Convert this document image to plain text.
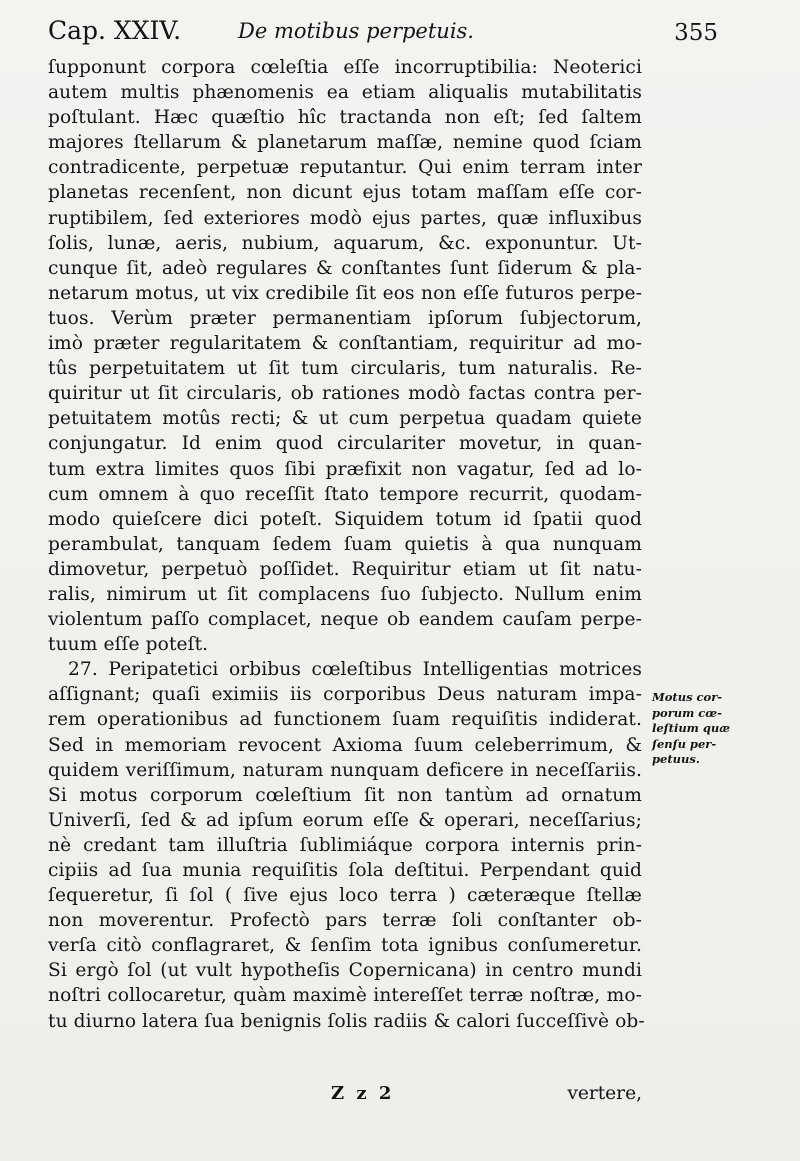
Cap. XXIV.	De motibus perpetuis.	355
ſupponunt corpora cœleſtia eſſe incorruptibilia: Neoterici
autem multis phænomenis ea etiam aliqualis mutabilitatis
poſtulant. Hæc quæſtio hîc tractanda non eſt; ſed ſaltem
majores ſtellarum & planetarum maſſæ, nemine quod ſciam
contradicente, perpetuæ reputantur. Qui enim terram inter
planetas recenſent, non dicunt ejus totam maſſam eſſe cor-
ruptibilem, ſed exteriores modò ejus partes, quæ influxibus
ſolis, lunæ, aeris, nubium, aquarum, &c. exponuntur. Ut-
cunque ſit, adeò regulares & conſtantes ſunt ſiderum & pla-
netarum motus, ut vix credibile ſit eos non eſſe futuros perpe-
tuos. Verùm præter permanentiam ipſorum ſubjectorum,
imò præter regularitatem & conſtantiam, requiritur ad mo-
tûs perpetuitatem ut ſit tum circularis, tum naturalis. Re-
quiritur ut ſit circularis, ob rationes modò factas contra per-
petuitatem motûs recti; & ut cum perpetua quadam quiete
conjungatur. Id enim quod circulariter movetur, in quan-
tum extra limites quos ſibi præfixit non vagatur, ſed ad lo-
cum omnem à quo receſſit ſtato tempore recurrit, quodam-
modo quieſcere dici poteſt. Siquidem totum id ſpatii quod
perambulat, tanquam ſedem ſuam quietis à qua nunquam
dimovetur, perpetuò poſſidet. Requiritur etiam ut ſit natu-
ralis, nimirum ut ſit complacens ſuo ſubjecto. Nullum enim
violentum paſſo complacet, neque ob eandem cauſam perpe-
tuum eſſe poteſt.
27. Peripatetici orbibus cœleſtibus Intelligentias motrices
aſſignant; quaſi eximiis iis corporibus Deus naturam impa-
rem operationibus ad functionem ſuam requiſitis indiderat.
Sed in memoriam revocent Axioma ſuum celeberrimum, &
quidem veriſſimum, naturam nunquam deficere in neceſſariis.
Si motus corporum cœleſtium ſit non tantùm ad ornatum
Univerſi, ſed & ad ipſum eorum eſſe & operari, neceſſarius;
nè credant tam illuſtria ſublimiáque corpora internis prin-
cipiis ad ſua munia requiſitis ſola deſtitui. Perpendant quid
ſequeretur, ſi ſol ( ſive ejus loco terra ) cæteræque ſtellæ
non moverentur. Profectò pars terræ ſoli conſtanter ob-
verſa citò conflagraret, & ſenſim tota ignibus conſumeretur.
Si ergò ſol (ut vult hypotheſis Copernicana) in centro mundi
noſtri collocaretur, quàm maximè intereſſet terræ noſtræ, mo-
tu diurno latera ſua benignis ſolis radiis & calori ſucceſſivè ob-
Motus cor-
porum cœ-
leſtium quæ
ſenſu per-
petuus.
Z z 2	vertere,
